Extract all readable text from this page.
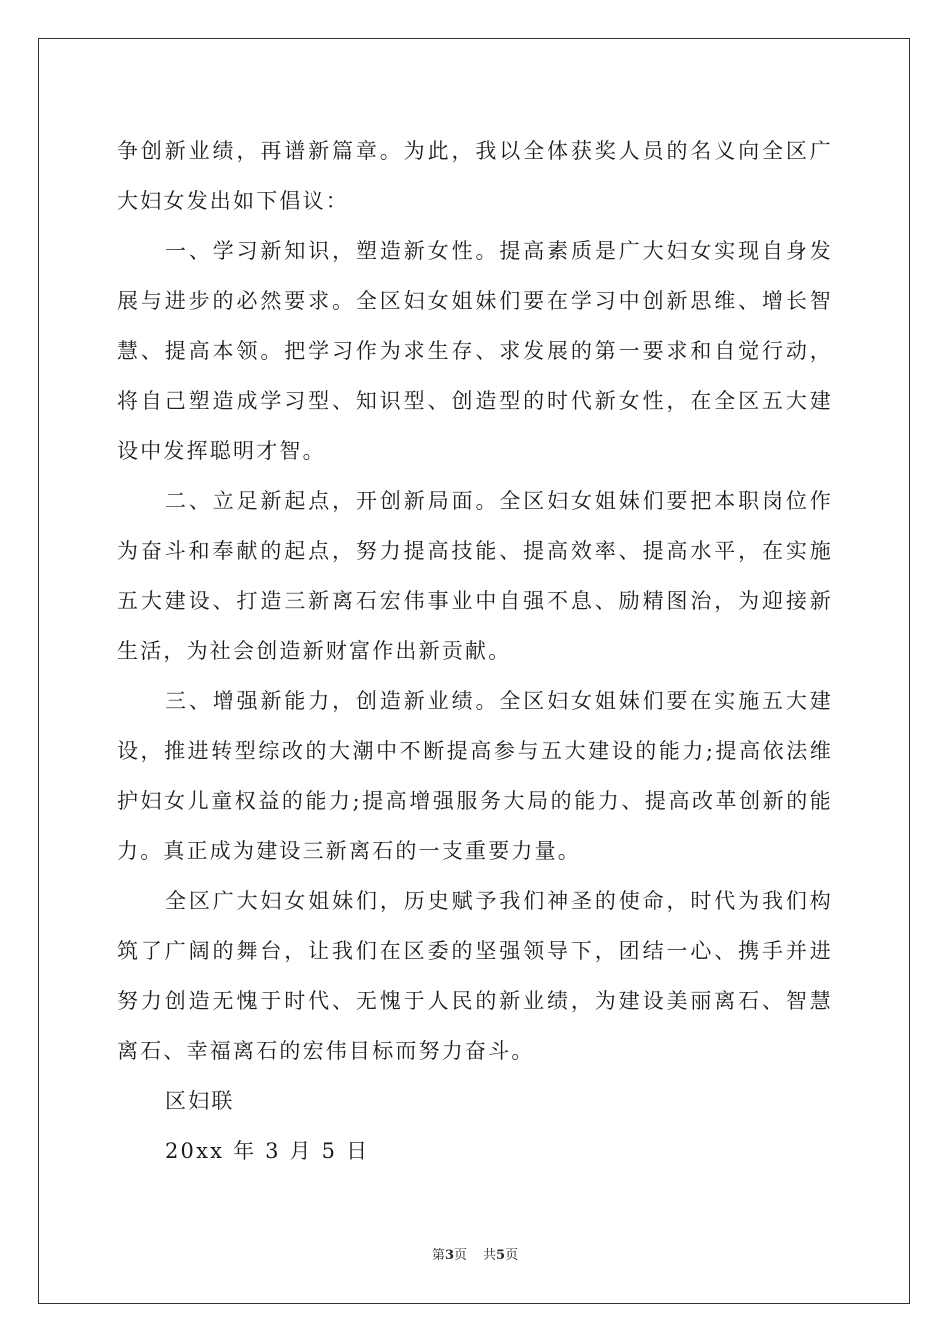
争创新业绩，再谱新篇章。为此，我以全体获奖人员的名义向全区广大妇女发出如下倡议：

一、学习新知识，塑造新女性。提高素质是广大妇女实现自身发展与进步的必然要求。全区妇女姐妹们要在学习中创新思维、增长智慧、提高本领。把学习作为求生存、求发展的第一要求和自觉行动，将自己塑造成学习型、知识型、创造型的时代新女性，在全区五大建设中发挥聪明才智。

二、立足新起点，开创新局面。全区妇女姐妹们要把本职岗位作为奋斗和奉献的起点，努力提高技能、提高效率、提高水平，在实施五大建设、打造三新离石宏伟事业中自强不息、励精图治，为迎接新生活，为社会创造新财富作出新贡献。

三、增强新能力，创造新业绩。全区妇女姐妹们要在实施五大建设，推进转型综改的大潮中不断提高参与五大建设的能力;提高依法维护妇女儿童权益的能力;提高增强服务大局的能力、提高改革创新的能力。真正成为建设三新离石的一支重要力量。

全区广大妇女姐妹们，历史赋予我们神圣的使命，时代为我们构筑了广阔的舞台，让我们在区委的坚强领导下，团结一心、携手并进努力创造无愧于时代、无愧于人民的新业绩，为建设美丽离石、智慧离石、幸福离石的宏伟目标而努力奋斗。

区妇联

20xx 年 3 月 5 日

第3页 共5页
